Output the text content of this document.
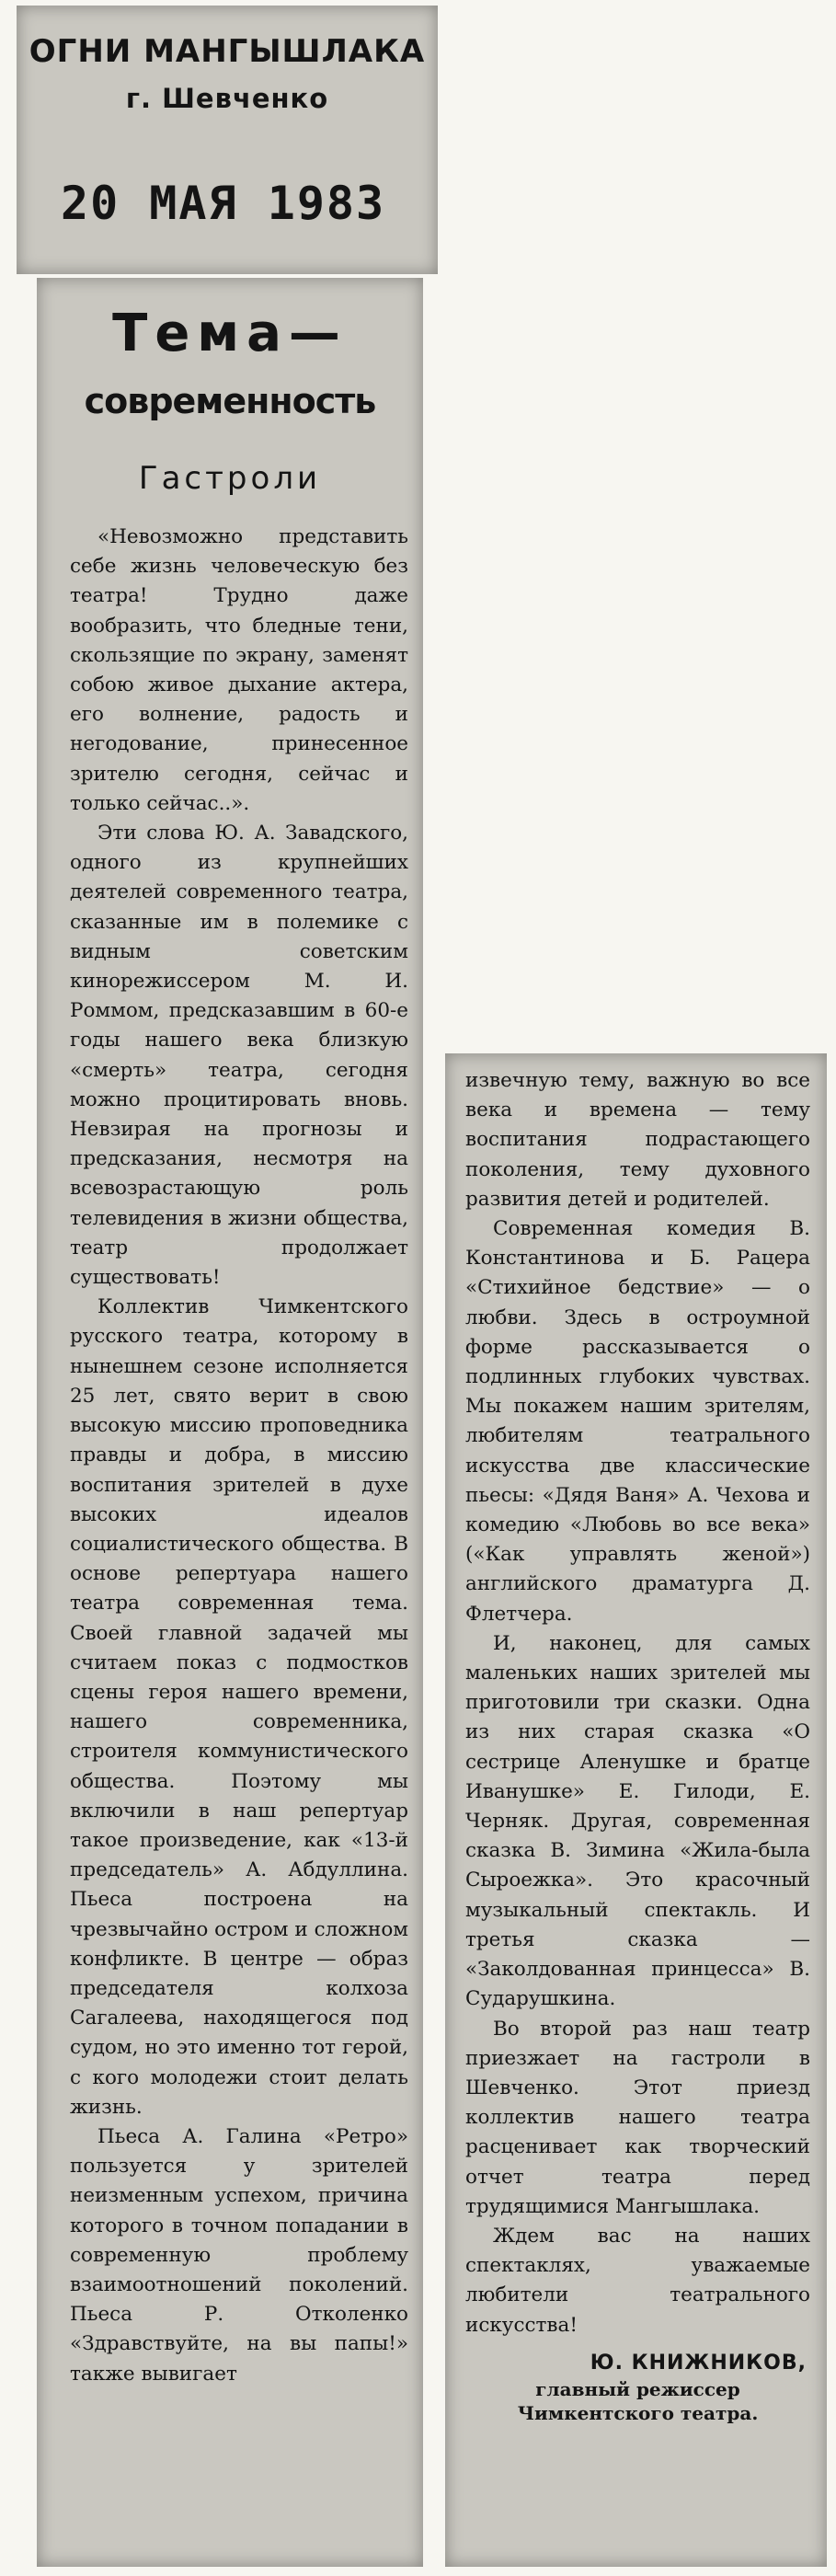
ОГНИ МАНГЫШЛАКА
г. Шевченко
20 МАЯ 1983
Тема—
современность
Гастроли

«Невозможно представить себе жизнь человеческую без театра! Трудно даже вообразить, что бледные тени, скользящие по экрану, заменят собою живое дыхание актера, его волнение, радость и негодование, принесенное зрителю сегодня, сейчас и только сейчас..».

Эти слова Ю. А. Завадского, одного из крупнейших деятелей современного театра, сказанные им в полемике с видным советским кинорежиссером М. И. Роммом, предсказавшим в 60-е годы нашего века близкую «смерть» театра, сегодня можно процитировать вновь. Невзирая на прогнозы и предсказания, несмотря на всевозрастающую роль телевидения в жизни общества, театр продолжает существовать!

Коллектив Чимкентского русского театра, которому в нынешнем сезоне исполняется 25 лет, свято верит в свою высокую миссию проповедника правды и добра, в миссию воспитания зрителей в духе высоких идеалов социалистического общества. В основе репертуара нашего театра современная тема. Своей главной задачей мы считаем показ с подмостков сцены героя нашего времени, нашего современника, строителя коммунистического общества. Поэтому мы включили в наш репертуар такое произведение, как «13-й председатель» А. Абдуллина. Пьеса построена на чрезвычайно остром и сложном конфликте. В центре — образ председателя колхоза Сагалеева, находящегося под судом, но это именно тот герой, с кого молодежи стоит делать жизнь.

Пьеса А. Галина «Ретро» пользуется у зрителей неизменным успехом, причина которого в точном попадании в современную проблему взаимоотношений поколений. Пьеса Р. Отколенко «Здравствуйте, на вы папы!» также вывигает

извечную тему, важную во все века и времена — тему воспитания подрастающего поколения, тему духовного развития детей и родителей.

Современная комедия В. Константинова и Б. Рацера «Стихийное бедствие» — о любви. Здесь в остроумной форме рассказывается о подлинных глубоких чувствах. Мы покажем нашим зрителям, любителям театрального искусства две классические пьесы: «Дядя Ваня» А. Чехова и комедию «Любовь во все века» («Как управлять женой») английского драматурга Д. Флетчера.

И, наконец, для самых маленьких наших зрителей мы приготовили три сказки. Одна из них старая сказка «О сестрице Аленушке и братце Иванушке» Е. Гилоди, Е. Черняк. Другая, современная сказка В. Зимина «Жила-была Сыроежка». Это красочный музыкальный спектакль. И третья сказка — «Заколдованная принцесса» В. Сударушкина.

Во второй раз наш театр приезжает на гастроли в Шевченко. Этот приезд коллектив нашего театра расценивает как творческий отчет театра перед трудящимися Мангышлака.

Ждем вас на наших спектаклях, уважаемые любители театрального искусства!

Ю. КНИЖНИКОВ,
главный режиссер Чимкентского театра.
